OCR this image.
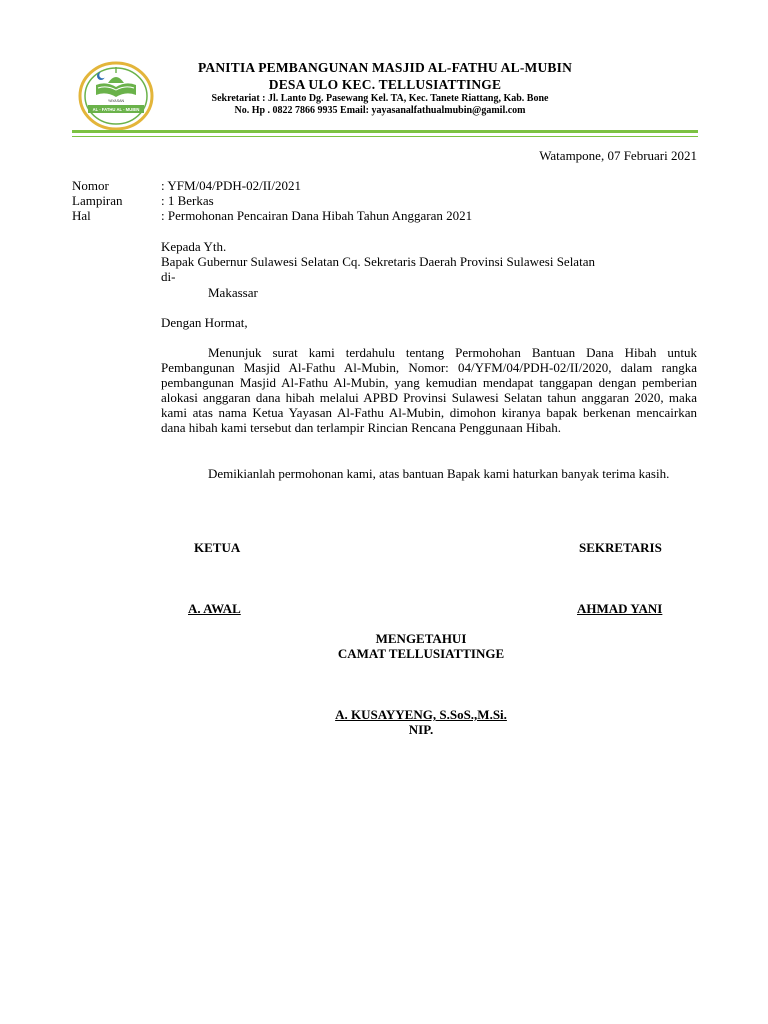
YAYASAN
AL - FATHU AL - MUBIN
PANITIA PEMBANGUNAN MASJID AL-FATHU AL-MUBIN
DESA ULO KEC. TELLUSIATTINGE
Sekretariat : Jl. Lanto Dg. Pasewang Kel. TA, Kec. Tanete Riattang, Kab. Bone
No. Hp . 0822 7866 9935 Email: yayasanalfathualmubin@gamil.com
Watampone, 07 Februari 2021
Nomor	: YFM/04/PDH-02/II/2021
Lampiran	: 1 Berkas
Hal	: Permohonan Pencairan Dana Hibah Tahun Anggaran 2021
Kepada Yth.
Bapak Gubernur Sulawesi Selatan Cq. Sekretaris Daerah Provinsi Sulawesi Selatan
di-
Makassar
Dengan Hormat,
Menunjuk surat kami terdahulu tentang Permohohan Bantuan Dana Hibah untuk Pembangunan Masjid Al-Fathu Al-Mubin, Nomor: 04/YFM/04/PDH-02/II/2020, dalam rangka pembangunan Masjid Al-Fathu Al-Mubin, yang kemudian mendapat tanggapan dengan pemberian alokasi anggaran dana hibah melalui APBD Provinsi Sulawesi Selatan tahun anggaran 2020, maka kami atas nama Ketua Yayasan Al-Fathu Al-Mubin, dimohon kiranya bapak berkenan mencairkan dana hibah kami tersebut dan terlampir Rincian Rencana Penggunaan Hibah.
Demikianlah permohonan kami, atas bantuan Bapak kami haturkan banyak terima kasih.
KETUA	SEKRETARIS
A. AWAL	AHMAD YANI
MENGETAHUI
CAMAT TELLUSIATTINGE
A. KUSAYYENG, S.SoS.,M.Si.
NIP.
